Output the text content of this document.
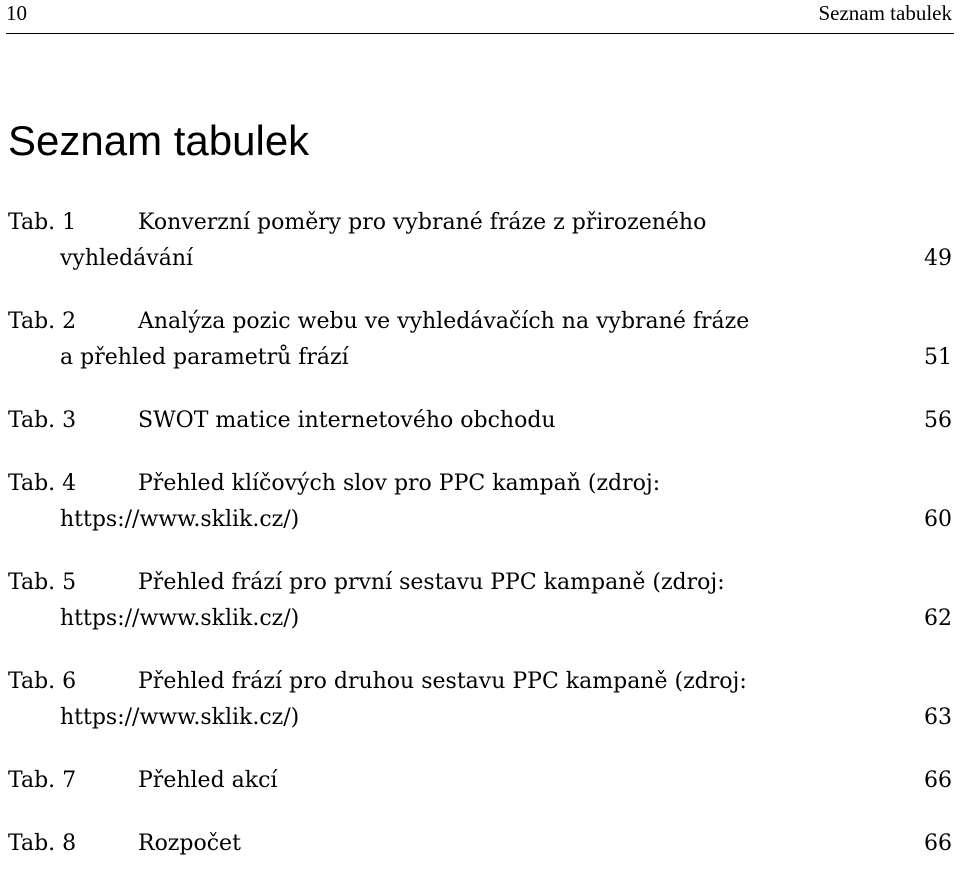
10	Seznam tabulek
Seznam tabulek
Tab. 1	Konverzní poměry pro vybrané fráze z přirozeného
vyhledávání	49
Tab. 2	Analýza pozic webu ve vyhledávačích na vybrané fráze
a přehled parametrů frází	51
Tab. 3	SWOT matice internetového obchodu	56
Tab. 4	Přehled klíčových slov pro PPC kampaň (zdroj:
https://www.sklik.cz/)	60
Tab. 5	Přehled frází pro první sestavu PPC kampaně (zdroj:
https://www.sklik.cz/)	62
Tab. 6	Přehled frází pro druhou sestavu PPC kampaně (zdroj:
https://www.sklik.cz/)	63
Tab. 7	Přehled akcí	66
Tab. 8	Rozpočet	66
